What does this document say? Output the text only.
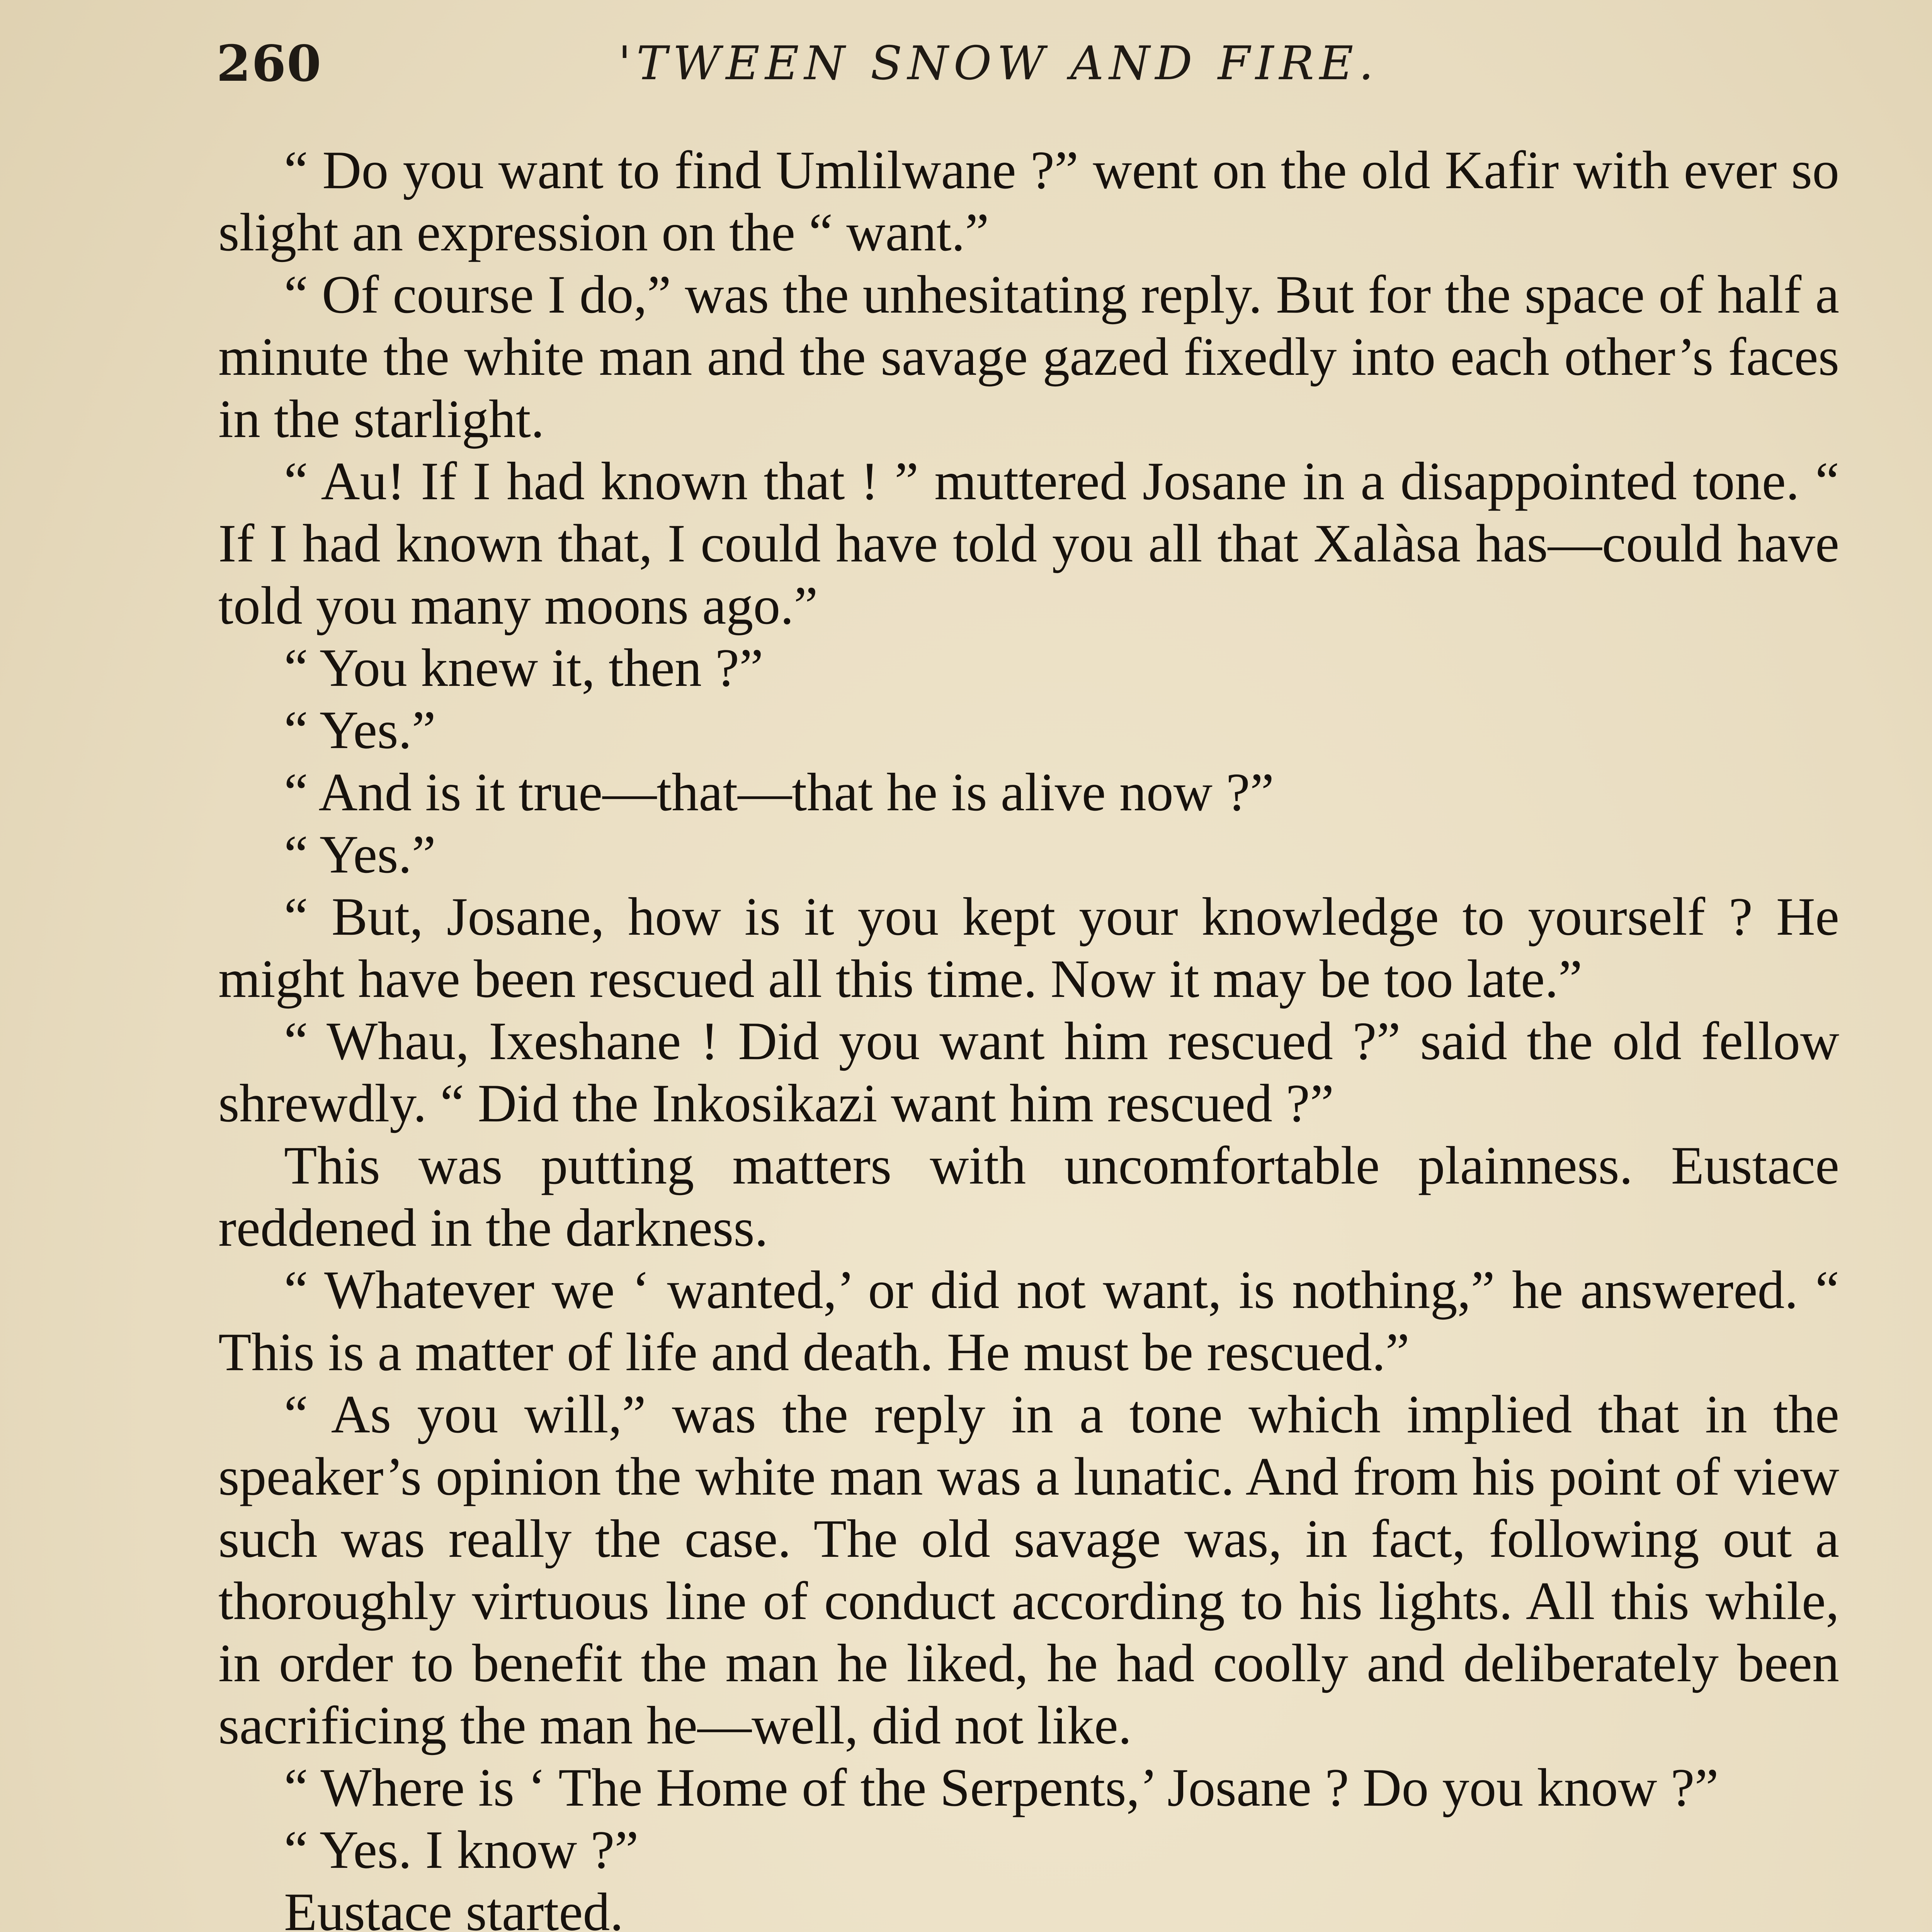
260	'TWEEN SNOW AND FIRE.

“ Do you want to find Umlilwane ?” went on the old Kafir with ever so slight an expression on the “ want.”

“ Of course I do,” was the unhesitating reply. But for the space of half a minute the white man and the savage gazed fixedly into each other’s faces in the starlight.

“ Au! If I had known that ! ” muttered Josane in a disappointed tone. “ If I had known that, I could have told you all that Xalàsa has—could have told you many moons ago.”

“ You knew it, then ?”

“ Yes.”

“ And is it true—that—that he is alive now ?”

“ Yes.”

“ But, Josane, how is it you kept your knowledge to yourself ? He might have been rescued all this time. Now it may be too late.”

“ Whau, Ixeshane ! Did you want him rescued ?” said the old fellow shrewdly. “ Did the Inkosikazi want him rescued ?”

This was putting matters with uncomfortable plainness. Eustace reddened in the darkness.

“ Whatever we ‘ wanted,’ or did not want, is nothing,” he answered. “ This is a matter of life and death. He must be rescued.”

“ As you will,” was the reply in a tone which implied that in the speaker’s opinion the white man was a lunatic. And from his point of view such was really the case. The old savage was, in fact, following out a thoroughly virtuous line of conduct according to his lights. All this while, in order to benefit the man he liked, he had coolly and deliberately been sacrificing the man he—well, did not like.

“ Where is ‘ The Home of the Serpents,’ Josane ? Do you know ?”

“ Yes. I know ?”

Eustace started.
